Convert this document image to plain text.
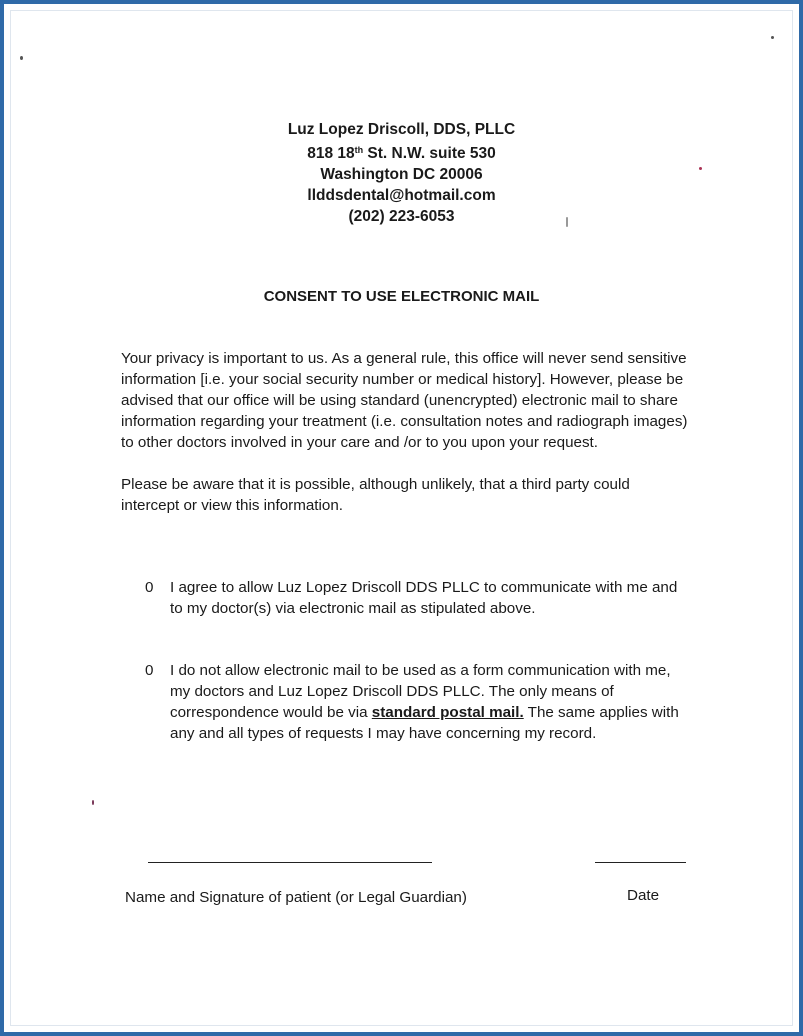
Luz Lopez Driscoll, DDS, PLLC
818 18th St. N.W. suite 530
Washington DC 20006
llddsdental@hotmail.com
(202) 223-6053
CONSENT TO USE ELECTRONIC MAIL
Your privacy is important to us. As a general rule, this office will never send sensitive
information [i.e. your social security number or medical history]. However, please be
advised that our office will be using standard (unencrypted) electronic mail to share
information regarding your treatment (i.e. consultation notes and radiograph images)
to other doctors involved in your care and /or to you upon your request.
Please be aware that it is possible, although unlikely, that a third party could
intercept or view this information.
0 I agree to allow Luz Lopez Driscoll DDS PLLC to communicate with me and
to my doctor(s) via electronic mail as stipulated above.
0 I do not allow electronic mail to be used as a form communication with me,
my doctors and Luz Lopez Driscoll DDS PLLC. The only means of
correspondence would be via standard postal mail. The same applies with
any and all types of requests I may have concerning my record.
Name and Signature of patient (or Legal Guardian)	Date
